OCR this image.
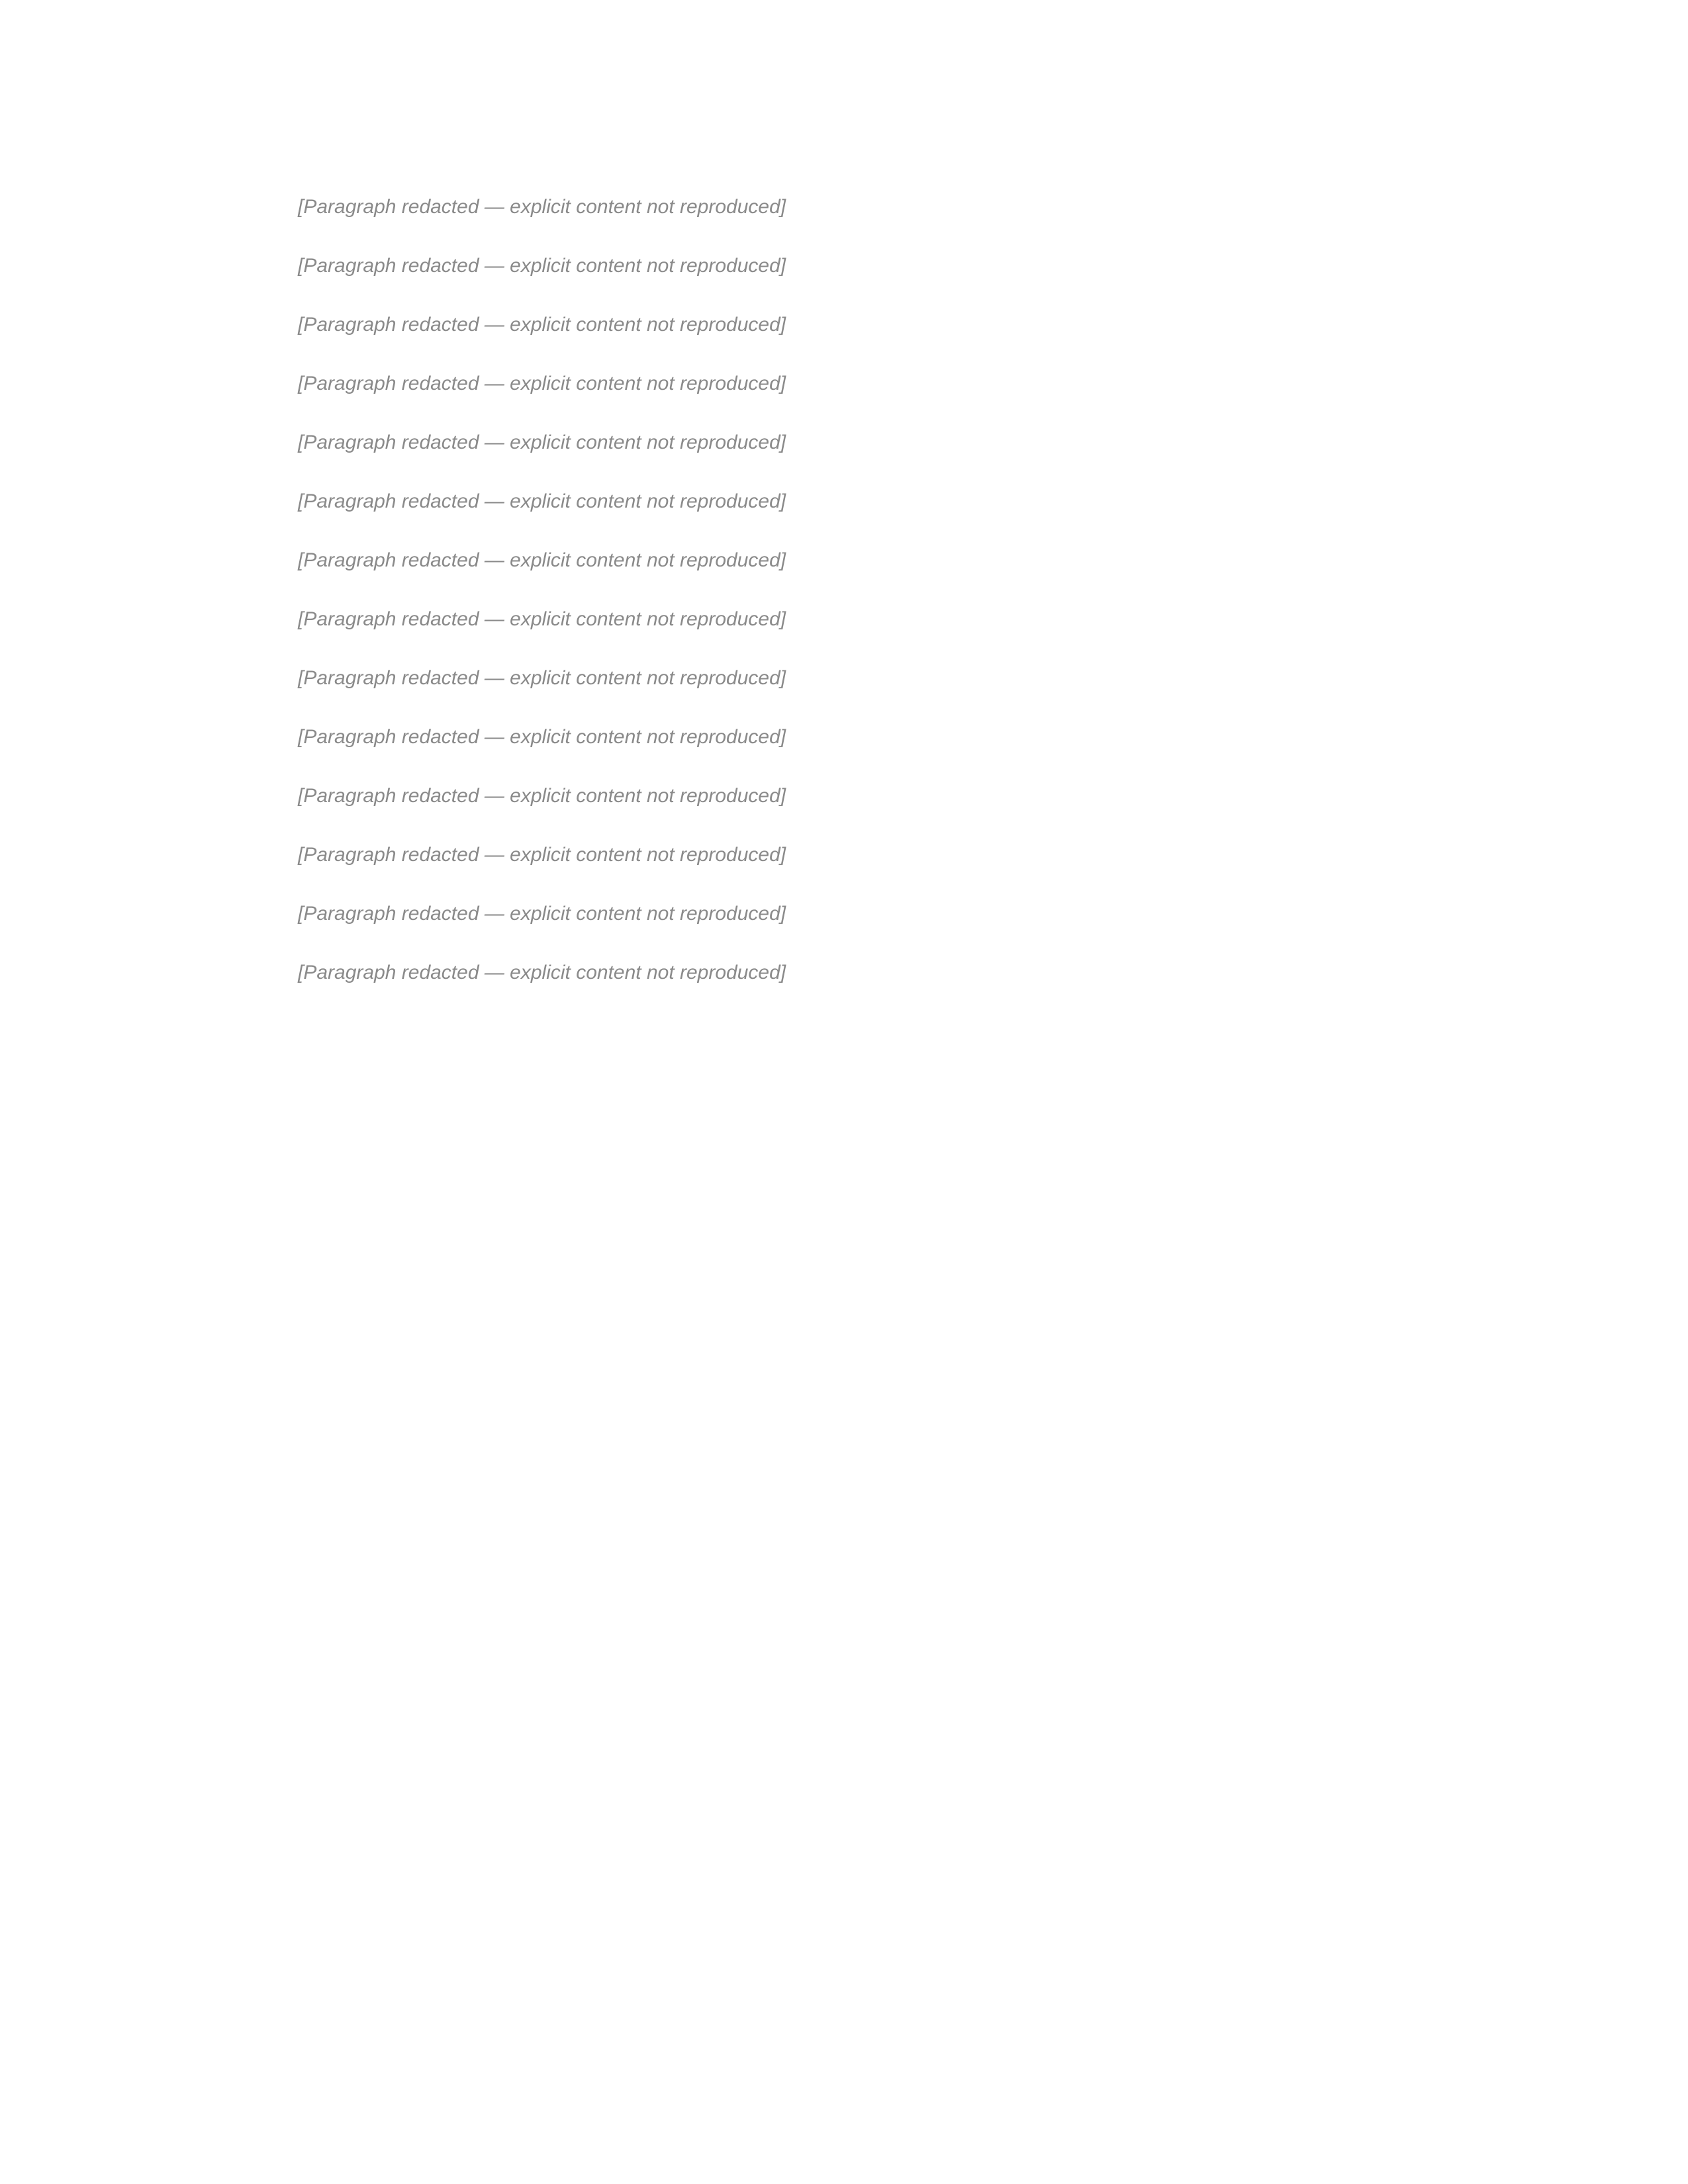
[Paragraph redacted — explicit content not reproduced]

[Paragraph redacted — explicit content not reproduced]

[Paragraph redacted — explicit content not reproduced]

[Paragraph redacted — explicit content not reproduced]

[Paragraph redacted — explicit content not reproduced]

[Paragraph redacted — explicit content not reproduced]

[Paragraph redacted — explicit content not reproduced]

[Paragraph redacted — explicit content not reproduced]

[Paragraph redacted — explicit content not reproduced]

[Paragraph redacted — explicit content not reproduced]

[Paragraph redacted — explicit content not reproduced]

[Paragraph redacted — explicit content not reproduced]

[Paragraph redacted — explicit content not reproduced]

[Paragraph redacted — explicit content not reproduced]
